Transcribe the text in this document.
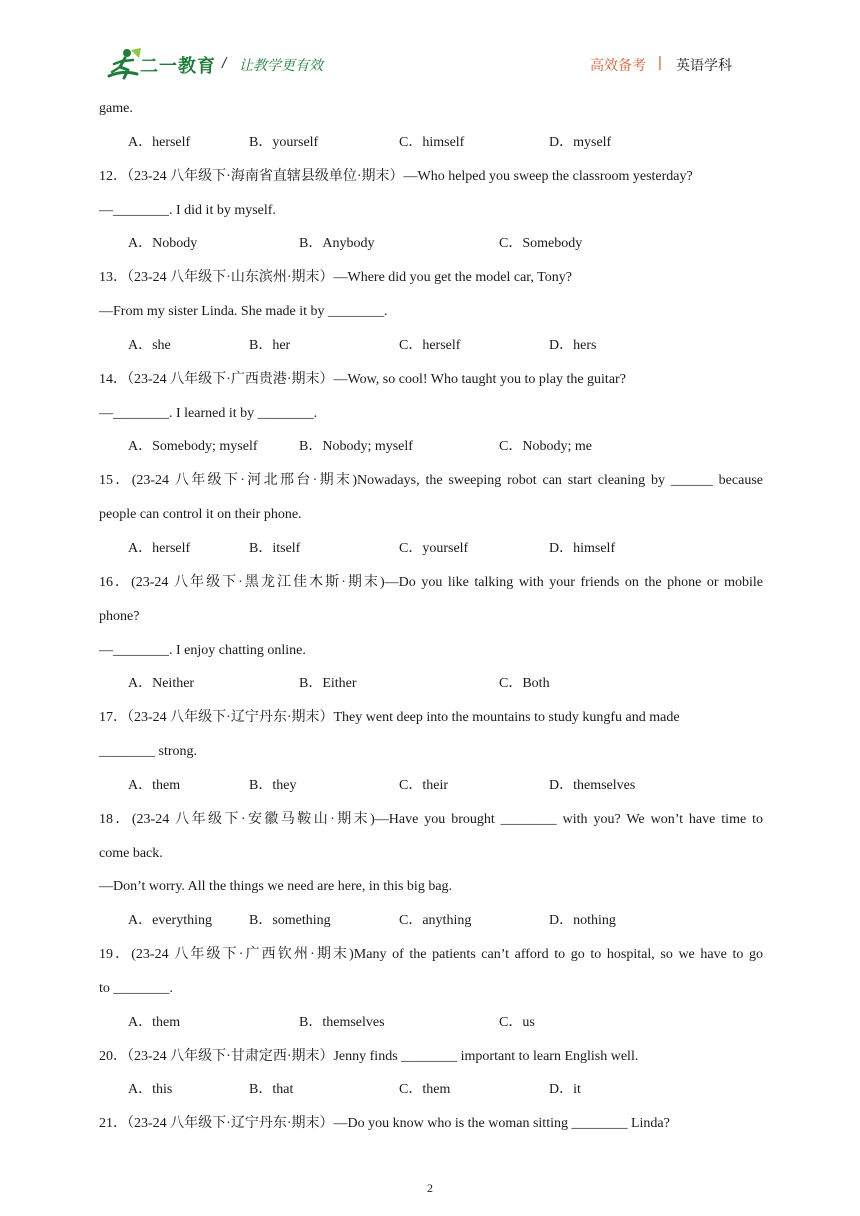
二一教育 / 让教学更有效	高效备考 | 英语学科
game.
A．herself	B．yourself	C．himself	D．myself
12．（23-24 八年级下·海南省直辖县级单位·期末）—Who helped you sweep the classroom yesterday?
—________. I did it by myself.
A．Nobody	B．Anybody	C．Somebody
13．（23-24 八年级下·山东滨州·期末）—Where did you get the model car, Tony?
—From my sister Linda. She made it by ________.
A．she	B．her	C．herself	D．hers
14．（23-24 八年级下·广西贵港·期末）—Wow, so cool! Who taught you to play the guitar?
—________. I learned it by ________.
A．Somebody; myself	B．Nobody; myself	C．Nobody; me
15．(23-24 八年级下·河北邢台·期末)Nowadays, the sweeping robot can start cleaning by ______ because
people can control it on their phone.
A．herself	B．itself	C．yourself	D．himself
16．(23-24 八年级下·黑龙江佳木斯·期末)—Do you like talking with your friends on the phone or mobile
phone?
—________. I enjoy chatting online.
A．Neither	B．Either	C．Both
17．（23-24 八年级下·辽宁丹东·期末）They went deep into the mountains to study kungfu and made
________ strong.
A．them	B．they	C．their	D．themselves
18．(23-24 八年级下·安徽马鞍山·期末)—Have you brought ________ with you? We won’t have time to
come back.
—Don’t worry. All the things we need are here, in this big bag.
A．everything	B．something	C．anything	D．nothing
19．(23-24 八年级下·广西钦州·期末)Many of the patients can’t afford to go to hospital, so we have to go
to ________.
A．them	B．themselves	C．us
20．（23-24 八年级下·甘肃定西·期末）Jenny finds ________ important to learn English well.
A．this	B．that	C．them	D．it
21．（23-24 八年级下·辽宁丹东·期末）—Do you know who is the woman sitting ________ Linda?
2
